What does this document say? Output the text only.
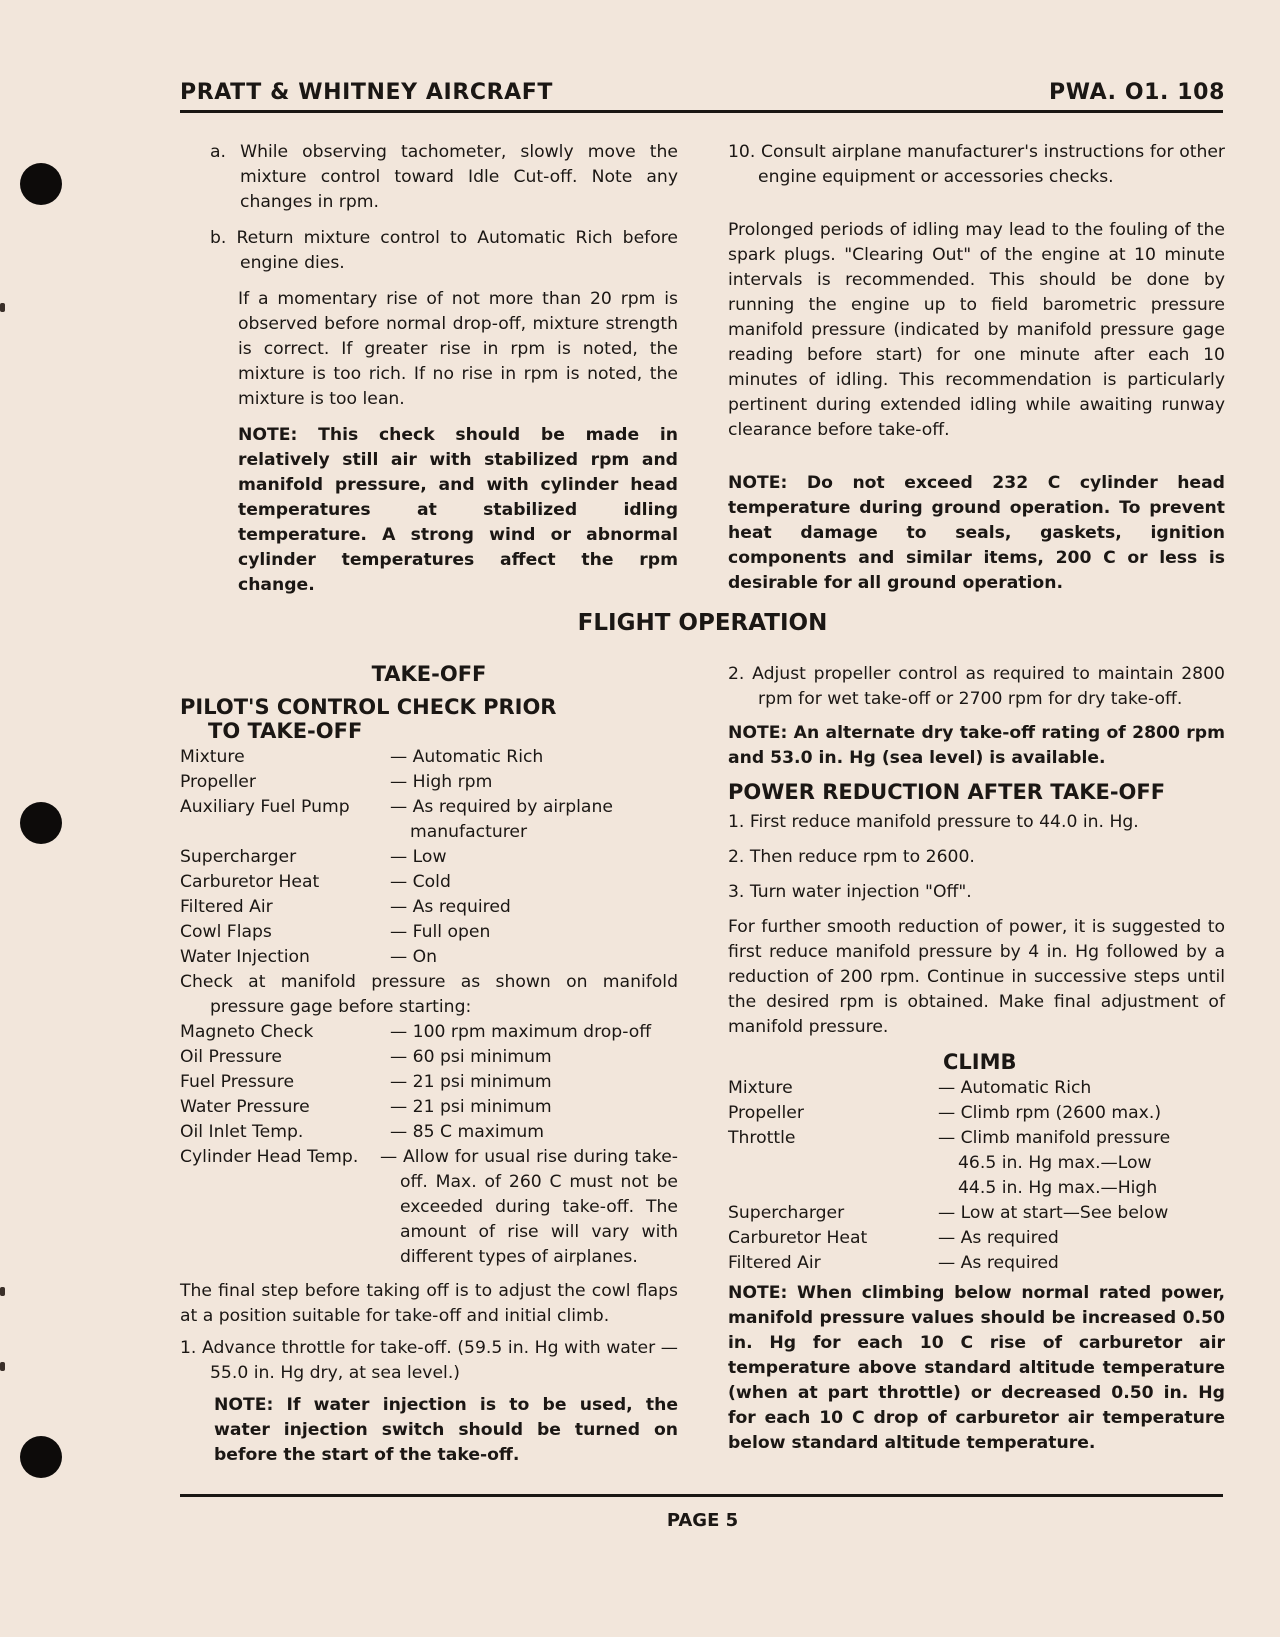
PRATT & WHITNEY AIRCRAFT	PWA. O1. 108

a. While observing tachometer, slowly move the mixture control toward Idle Cut-off. Note any changes in rpm.

b. Return mixture control to Automatic Rich before engine dies.

If a momentary rise of not more than 20 rpm is observed before normal drop-off, mixture strength is correct. If greater rise in rpm is noted, the mixture is too rich. If no rise in rpm is noted, the mixture is too lean.

NOTE: This check should be made in relatively still air with stabilized rpm and manifold pressure, and with cylinder head temperatures at stabilized idling temperature. A strong wind or abnormal cylinder temperatures affect the rpm change.

10. Consult airplane manufacturer's instructions for other engine equipment or accessories checks.

Prolonged periods of idling may lead to the fouling of the spark plugs. "Clearing Out" of the engine at 10 minute intervals is recommended. This should be done by running the engine up to field barometric pressure manifold pressure (indicated by manifold pressure gage reading before start) for one minute after each 10 minutes of idling. This recommendation is particularly pertinent during extended idling while awaiting runway clearance before take-off.

NOTE: Do not exceed 232 C cylinder head temperature during ground operation. To prevent heat damage to seals, gaskets, ignition components and similar items, 200 C or less is desirable for all ground operation.

FLIGHT OPERATION
TAKE-OFF
PILOT'S CONTROL CHECK PRIOR
TO TAKE-OFF
Mixture	— Automatic Rich
Propeller	— High rpm
Auxiliary Fuel Pump	— As required by airplane manufacturer
Supercharger	— Low
Carburetor Heat	— Cold
Filtered Air	— As required
Cowl Flaps	— Full open
Water Injection	— On

Check at manifold pressure as shown on manifold pressure gage before starting:

Magneto Check	— 100 rpm maximum drop-off
Oil Pressure	— 60 psi minimum
Fuel Pressure	— 21 psi minimum
Water Pressure	— 21 psi minimum
Oil Inlet Temp.	— 85 C maximum
Cylinder Head Temp.	— Allow for usual rise during take-off. Max. of 260 C must not be exceeded during take-off. The amount of rise will vary with different types of airplanes.

The final step before taking off is to adjust the cowl flaps at a position suitable for take-off and initial climb.

1. Advance throttle for take-off. (59.5 in. Hg with water —55.0 in. Hg dry, at sea level.)

NOTE: If water injection is to be used, the water injection switch should be turned on before the start of the take-off.

2. Adjust propeller control as required to maintain 2800 rpm for wet take-off or 2700 rpm for dry take-off.

NOTE: An alternate dry take-off rating of 2800 rpm and 53.0 in. Hg (sea level) is available.

POWER REDUCTION AFTER TAKE-OFF

1. First reduce manifold pressure to 44.0 in. Hg.

2. Then reduce rpm to 2600.

3. Turn water injection "Off".

For further smooth reduction of power, it is suggested to first reduce manifold pressure by 4 in. Hg followed by a reduction of 200 rpm. Continue in successive steps until the desired rpm is obtained. Make final adjustment of manifold pressure.

CLIMB
Mixture	— Automatic Rich
Propeller	— Climb rpm (2600 max.)
Throttle	— Climb manifold pressure 46.5 in. Hg max.—Low 44.5 in. Hg max.—High
Supercharger	— Low at start—See below
Carburetor Heat	— As required
Filtered Air	— As required

NOTE: When climbing below normal rated power, manifold pressure values should be increased 0.50 in. Hg for each 10 C rise of carburetor air temperature above standard altitude temperature (when at part throttle) or decreased 0.50 in. Hg for each 10 C drop of carburetor air temperature below standard altitude temperature.

PAGE 5
